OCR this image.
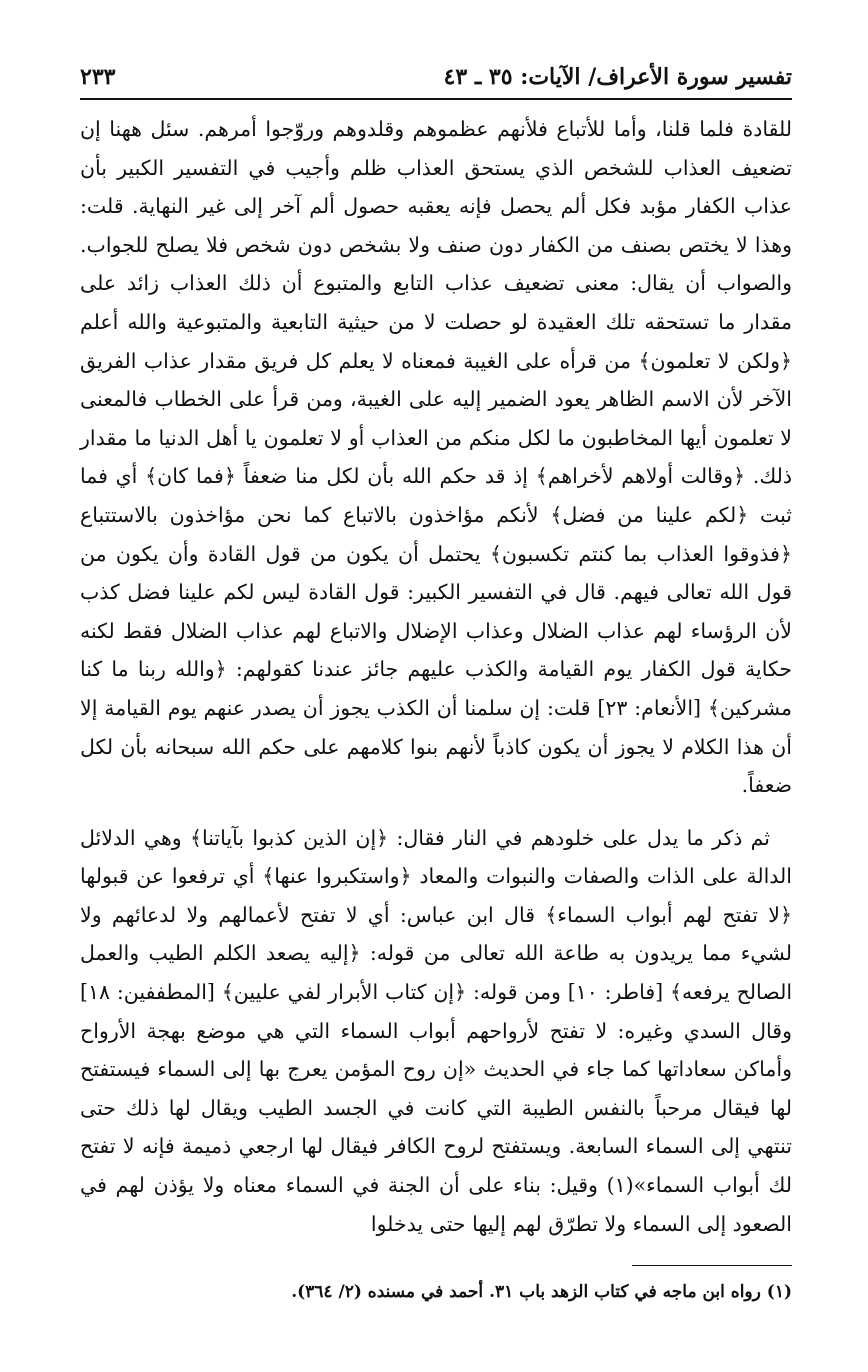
تفسير سورة الأعراف/ الآيات: ٣٥ ـ ٤٣
٢٣٣

للقادة فلما قلنا، وأما للأتباع فلأنهم عظموهم وقلدوهم وروّجوا أمرهم. سئل ههنا إن تضعيف العذاب للشخص الذي يستحق العذاب ظلم وأجيب في التفسير الكبير بأن عذاب الكفار مؤبد فكل ألم يحصل فإنه يعقبه حصول ألم آخر إلى غير النهاية. قلت: وهذا لا يختص بصنف من الكفار دون صنف ولا بشخص دون شخص فلا يصلح للجواب. والصواب أن يقال: معنى تضعيف عذاب التابع والمتبوع أن ذلك العذاب زائد على مقدار ما تستحقه تلك العقيدة لو حصلت لا من حيثية التابعية والمتبوعية والله أعلم ﴿ولكن لا تعلمون﴾ من قرأه على الغيبة فمعناه لا يعلم كل فريق مقدار عذاب الفريق الآخر لأن الاسم الظاهر يعود الضمير إليه على الغيبة، ومن قرأ على الخطاب فالمعنى لا تعلمون أيها المخاطبون ما لكل منكم من العذاب أو لا تعلمون يا أهل الدنيا ما مقدار ذلك. ﴿وقالت أولاهم لأخراهم﴾ إذ قد حكم الله بأن لكل منا ضعفاً ﴿فما كان﴾ أي فما ثبت ﴿لكم علينا من فضل﴾ لأنكم مؤاخذون بالاتباع كما نحن مؤاخذون بالاستتباع ﴿فذوقوا العذاب بما كنتم تكسبون﴾ يحتمل أن يكون من قول القادة وأن يكون من قول الله تعالى فيهم. قال في التفسير الكبير: قول القادة ليس لكم علينا فضل كذب لأن الرؤساء لهم عذاب الضلال وعذاب الإضلال والاتباع لهم عذاب الضلال فقط لكنه حكاية قول الكفار يوم القيامة والكذب عليهم جائز عندنا كقولهم: ﴿والله ربنا ما كنا مشركين﴾ [الأنعام: ٢٣] قلت: إن سلمنا أن الكذب يجوز أن يصدر عنهم يوم القيامة إلا أن هذا الكلام لا يجوز أن يكون كاذباً لأنهم بنوا كلامهم على حكم الله سبحانه بأن لكل ضعفاً.

ثم ذكر ما يدل على خلودهم في النار فقال: ﴿إن الذين كذبوا بآياتنا﴾ وهي الدلائل الدالة على الذات والصفات والنبوات والمعاد ﴿واستكبروا عنها﴾ أي ترفعوا عن قبولها ﴿لا تفتح لهم أبواب السماء﴾ قال ابن عباس: أي لا تفتح لأعمالهم ولا لدعائهم ولا لشيء مما يريدون به طاعة الله تعالى من قوله: ﴿إليه يصعد الكلم الطيب والعمل الصالح يرفعه﴾ [فاطر: ١٠] ومن قوله: ﴿إن كتاب الأبرار لفي عليين﴾ [المطففين: ١٨] وقال السدي وغيره: لا تفتح لأرواحهم أبواب السماء التي هي موضع بهجة الأرواح وأماكن سعاداتها كما جاء في الحديث «إن روح المؤمن يعرج بها إلى السماء فيستفتح لها فيقال مرحباً بالنفس الطيبة التي كانت في الجسد الطيب ويقال لها ذلك حتى تنتهي إلى السماء السابعة. ويستفتح لروح الكافر فيقال لها ارجعي ذميمة فإنه لا تفتح لك أبواب السماء»(١) وقيل: بناء على أن الجنة في السماء معناه ولا يؤذن لهم في الصعود إلى السماء ولا تطرّق لهم إليها حتى يدخلوا

(١) رواه ابن ماجه في كتاب الزهد باب ٣١. أحمد في مسنده (٢/ ٣٦٤).
